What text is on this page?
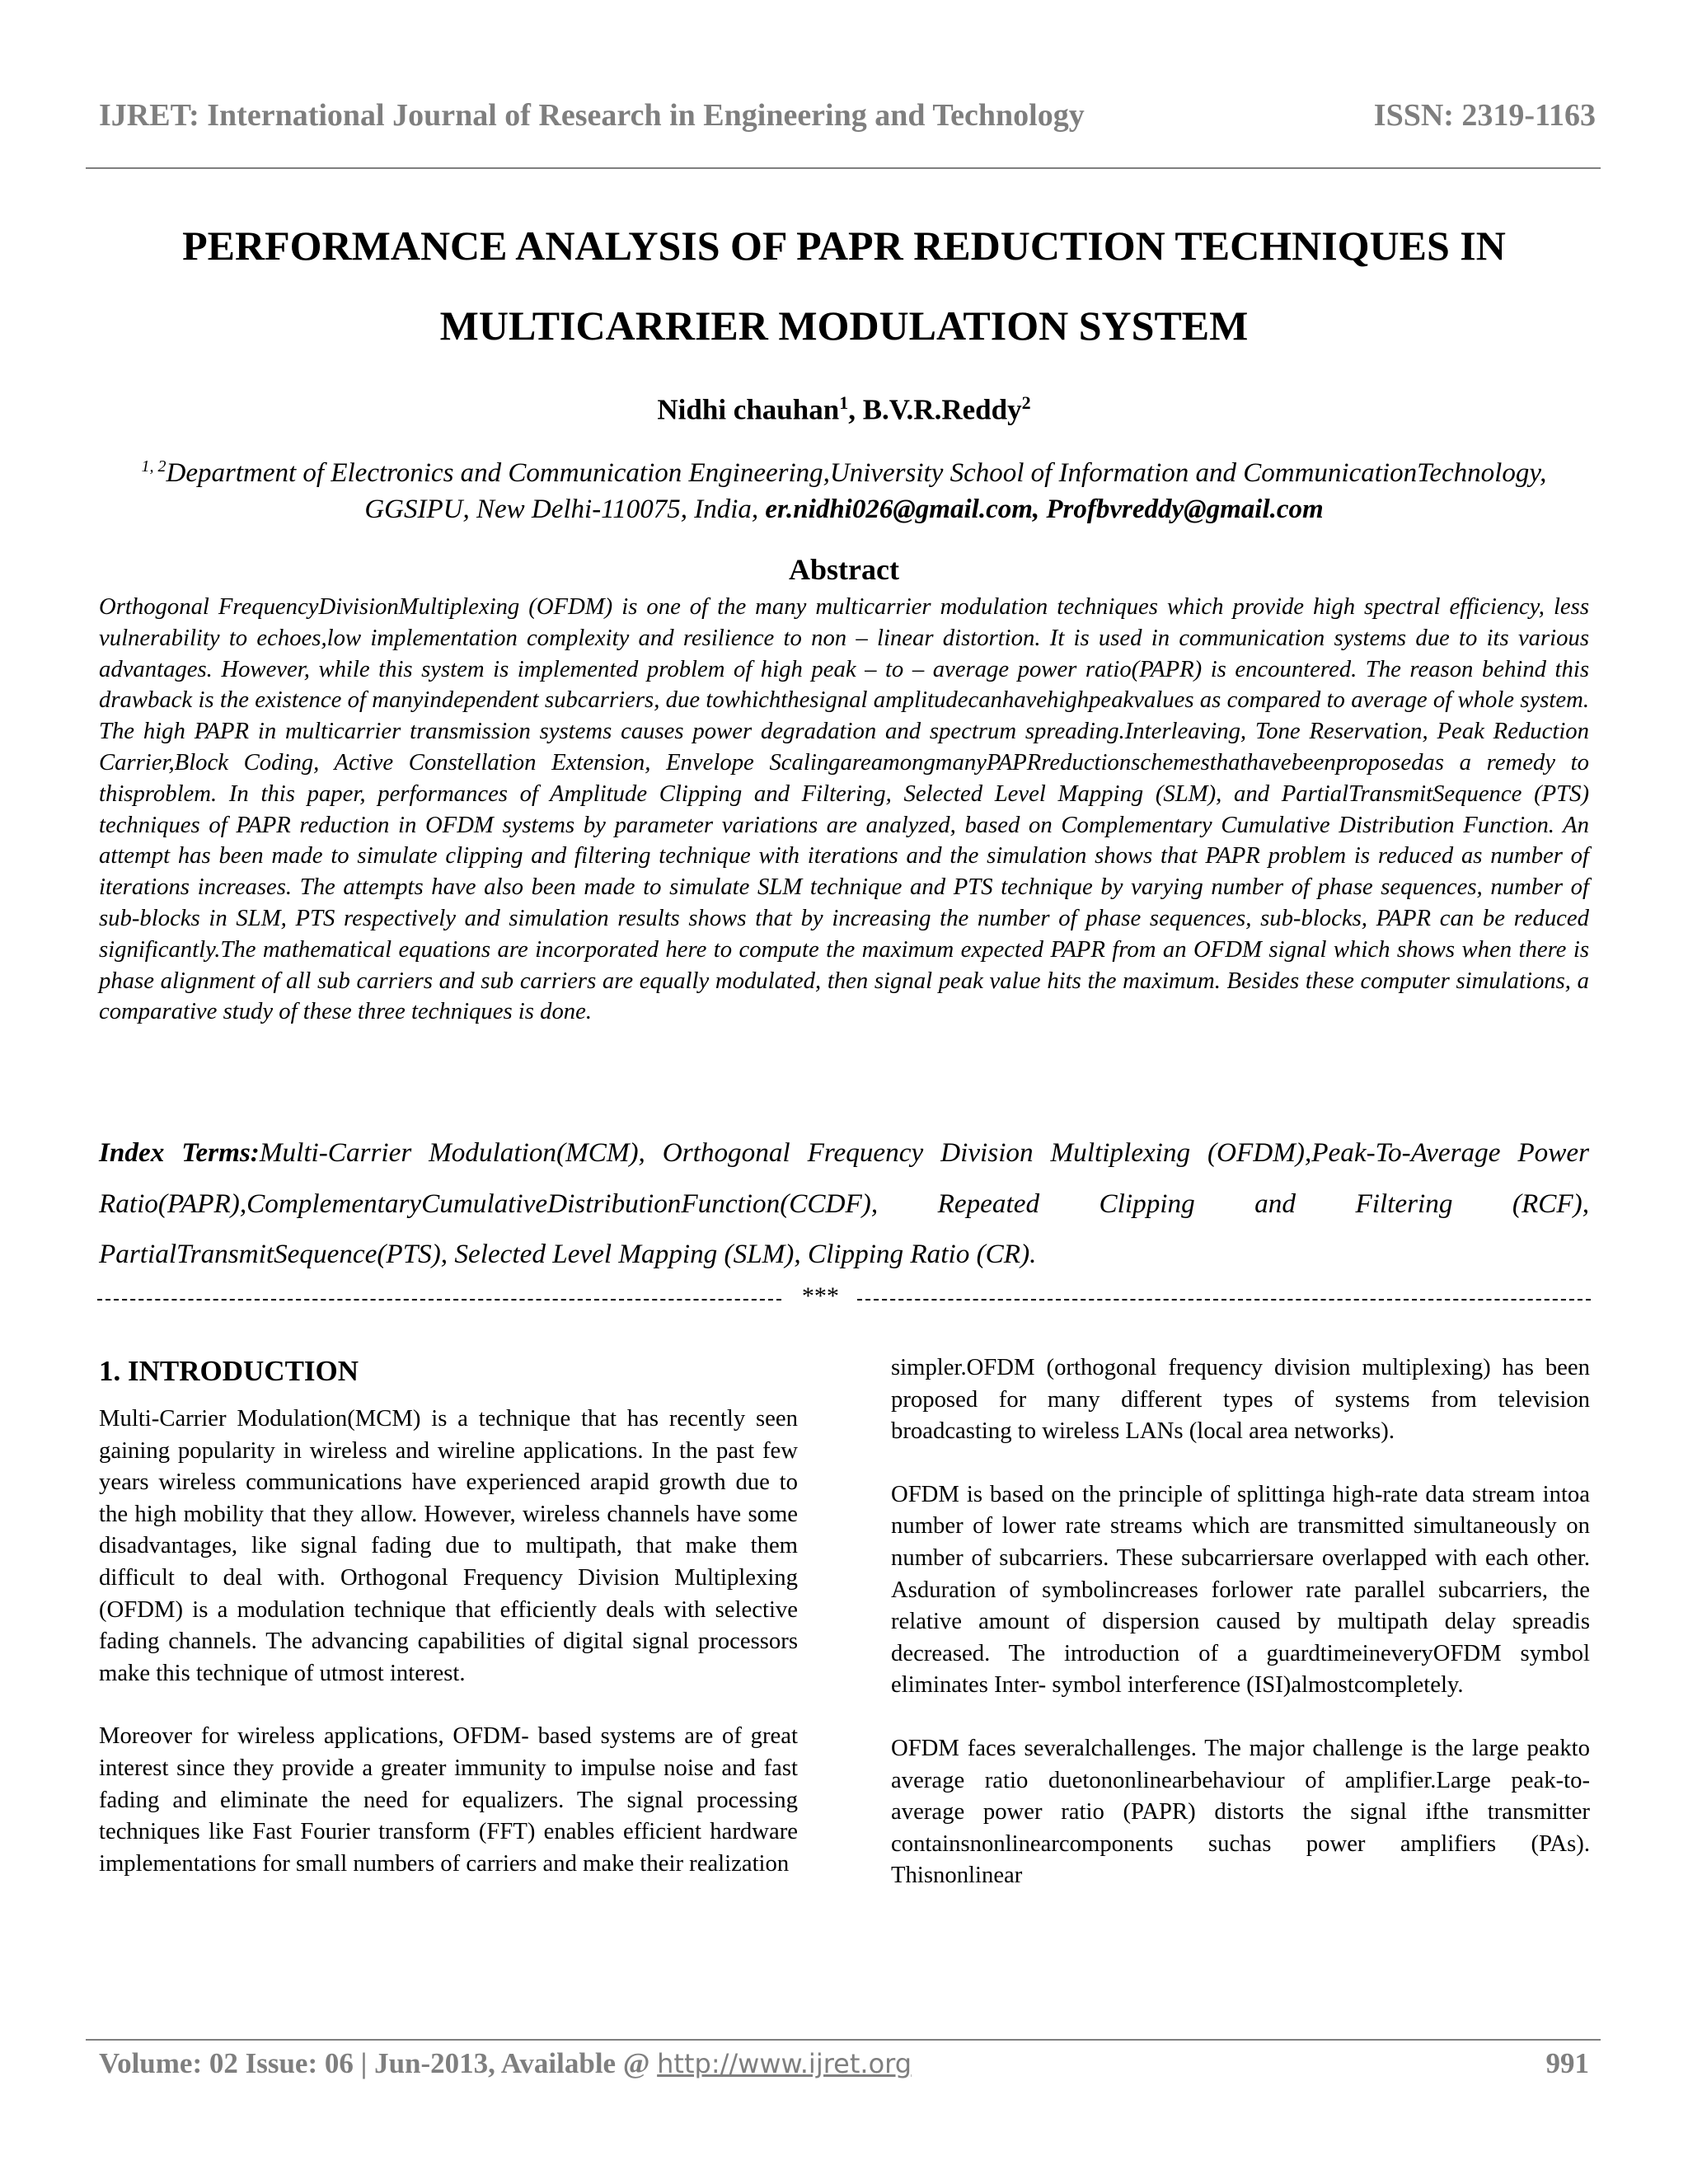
IJRET: International Journal of Research in Engineering and Technology	ISSN: 2319-1163
PERFORMANCE ANALYSIS OF PAPR REDUCTION TECHNIQUES IN
MULTICARRIER MODULATION SYSTEM
Nidhi chauhan$^1$, B.V.R.Reddy$^2$
$^{1, 2}$Department of Electronics and Communication Engineering,University School of Information and CommunicationTechnology, GGSIPU, New Delhi-110075, India, er.nidhi026@gmail.com, Profbvreddy@gmail.com
Abstract
Orthogonal FrequencyDivisionMultiplexing (OFDM) is one of the many multicarrier modulation techniques which provide high spectral efficiency, less vulnerability to echoes,low implementation complexity and resilience to non – linear distortion. It is used in communication systems due to its various advantages. However, while this system is implemented problem of high peak – to – average power ratio(PAPR) is encountered. The reason behind this drawback is the existence of manyindependent subcarriers, due towhichthesignal amplitudecanhavehighpeakvalues as compared to average of whole system. The high PAPR in multicarrier transmission systems causes power degradation and spectrum spreading.Interleaving, Tone Reservation, Peak Reduction Carrier,Block Coding, Active Constellation Extension, Envelope ScalingareamongmanyPAPRreductionschemesthathavebeenproposedas a remedy to thisproblem. In this paper, performances of Amplitude Clipping and Filtering, Selected Level Mapping (SLM), and PartialTransmitSequence (PTS) techniques of PAPR reduction in OFDM systems by parameter variations are analyzed, based on Complementary Cumulative Distribution Function. An attempt has been made to simulate clipping and filtering technique with iterations and the simulation shows that PAPR problem is reduced as number of iterations increases. The attempts have also been made to simulate SLM technique and PTS technique by varying number of phase sequences, number of sub-blocks in SLM, PTS respectively and simulation results shows that by increasing the number of phase sequences, sub-blocks, PAPR can be reduced significantly.The mathematical equations are incorporated here to compute the maximum expected PAPR from an OFDM signal which shows when there is phase alignment of all sub carriers and sub carriers are equally modulated, then signal peak value hits the maximum. Besides these computer simulations, a comparative study of these three techniques is done.
Index Terms:Multi-Carrier Modulation(MCM), Orthogonal Frequency Division Multiplexing (OFDM),Peak-To-Average Power Ratio(PAPR),ComplementaryCumulativeDistributionFunction(CCDF), Repeated Clipping and Filtering (RCF), PartialTransmitSequence(PTS), Selected Level Mapping (SLM), Clipping Ratio (CR).
***
1. INTRODUCTION

Multi-Carrier Modulation(MCM) is a technique that has recently seen gaining popularity in wireless and wireline applications. In the past few years wireless communications have experienced arapid growth due to the high mobility that they allow. However, wireless channels have some disadvantages, like signal fading due to multipath, that make them difficult to deal with. Orthogonal Frequency Division Multiplexing (OFDM) is a modulation technique that efficiently deals with selective fading channels. The advancing capabilities of digital signal processors make this technique of utmost interest.

Moreover for wireless applications, OFDM- based systems are of great interest since they provide a greater immunity to impulse noise and fast fading and eliminate the need for equalizers. The signal processing techniques like Fast Fourier transform (FFT) enables efficient hardware implementations for small numbers of carriers and make their realization

simpler.OFDM (orthogonal frequency division multiplexing) has been proposed for many different types of systems from television broadcasting to wireless LANs (local area networks).

OFDM is based on the principle of splittinga high-rate data stream intoa number of lower rate streams which are transmitted simultaneously on number of subcarriers. These subcarriersare overlapped with each other. Asduration of symbolincreases forlower rate parallel subcarriers, the relative amount of dispersion caused by multipath delay spreadis decreased. The introduction of a guardtimeineveryOFDM symbol eliminates Inter- symbol interference (ISI)almostcompletely.

OFDM faces severalchallenges. The major challenge is the large peakto average ratio duetononlinearbehaviour of amplifier.Large peak-to-average power ratio (PAPR) distorts the signal ifthe transmitter containsnonlinearcomponents suchas power amplifiers (PAs). Thisnonlinear

Volume: 02 Issue: 06 | Jun-2013, Available @ http://www.ijret.org	991
